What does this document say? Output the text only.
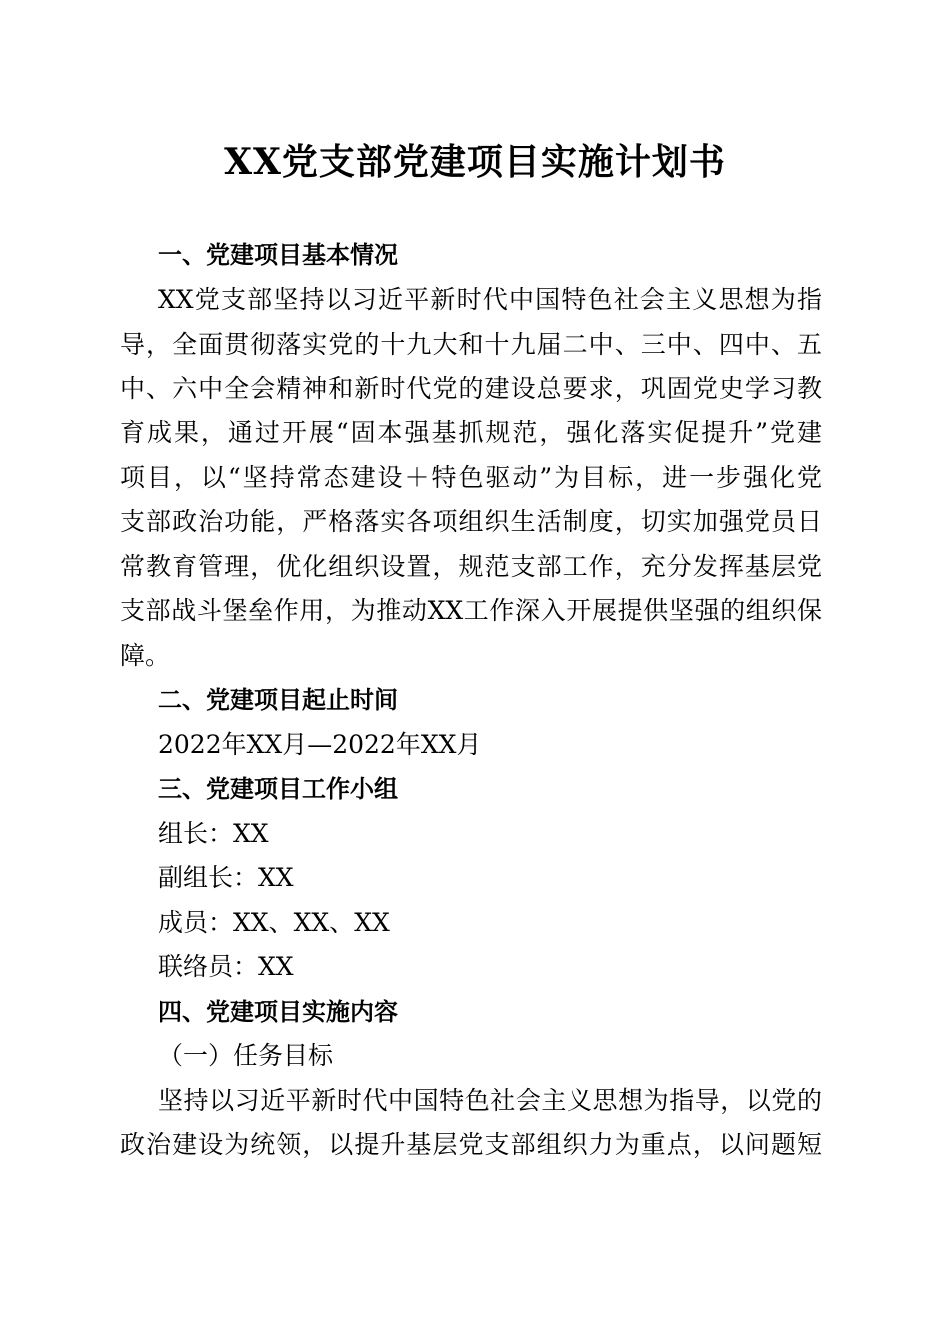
XX党支部党建项目实施计划书
一、党建项目基本情况
XX党支部坚持以习近平新时代中国特色社会主义思想为指
导，全面贯彻落实党的十九大和十九届二中、三中、四中、五
中、六中全会精神和新时代党的建设总要求，巩固党史学习教
育成果，通过开展“固本强基抓规范，强化落实促提升”党建
项目，以“坚持常态建设＋特色驱动”为目标，进一步强化党
支部政治功能，严格落实各项组织生活制度，切实加强党员日
常教育管理，优化组织设置，规范支部工作，充分发挥基层党
支部战斗堡垒作用，为推动XX工作深入开展提供坚强的组织保
障。
二、党建项目起止时间
2022年XX月—2022年XX月
三、党建项目工作小组
组长：XX
副组长：XX
成员：XX、XX、XX
联络员：XX
四、党建项目实施内容
（一）任务目标
坚持以习近平新时代中国特色社会主义思想为指导，以党的
政治建设为统领，以提升基层党支部组织力为重点，以问题短
